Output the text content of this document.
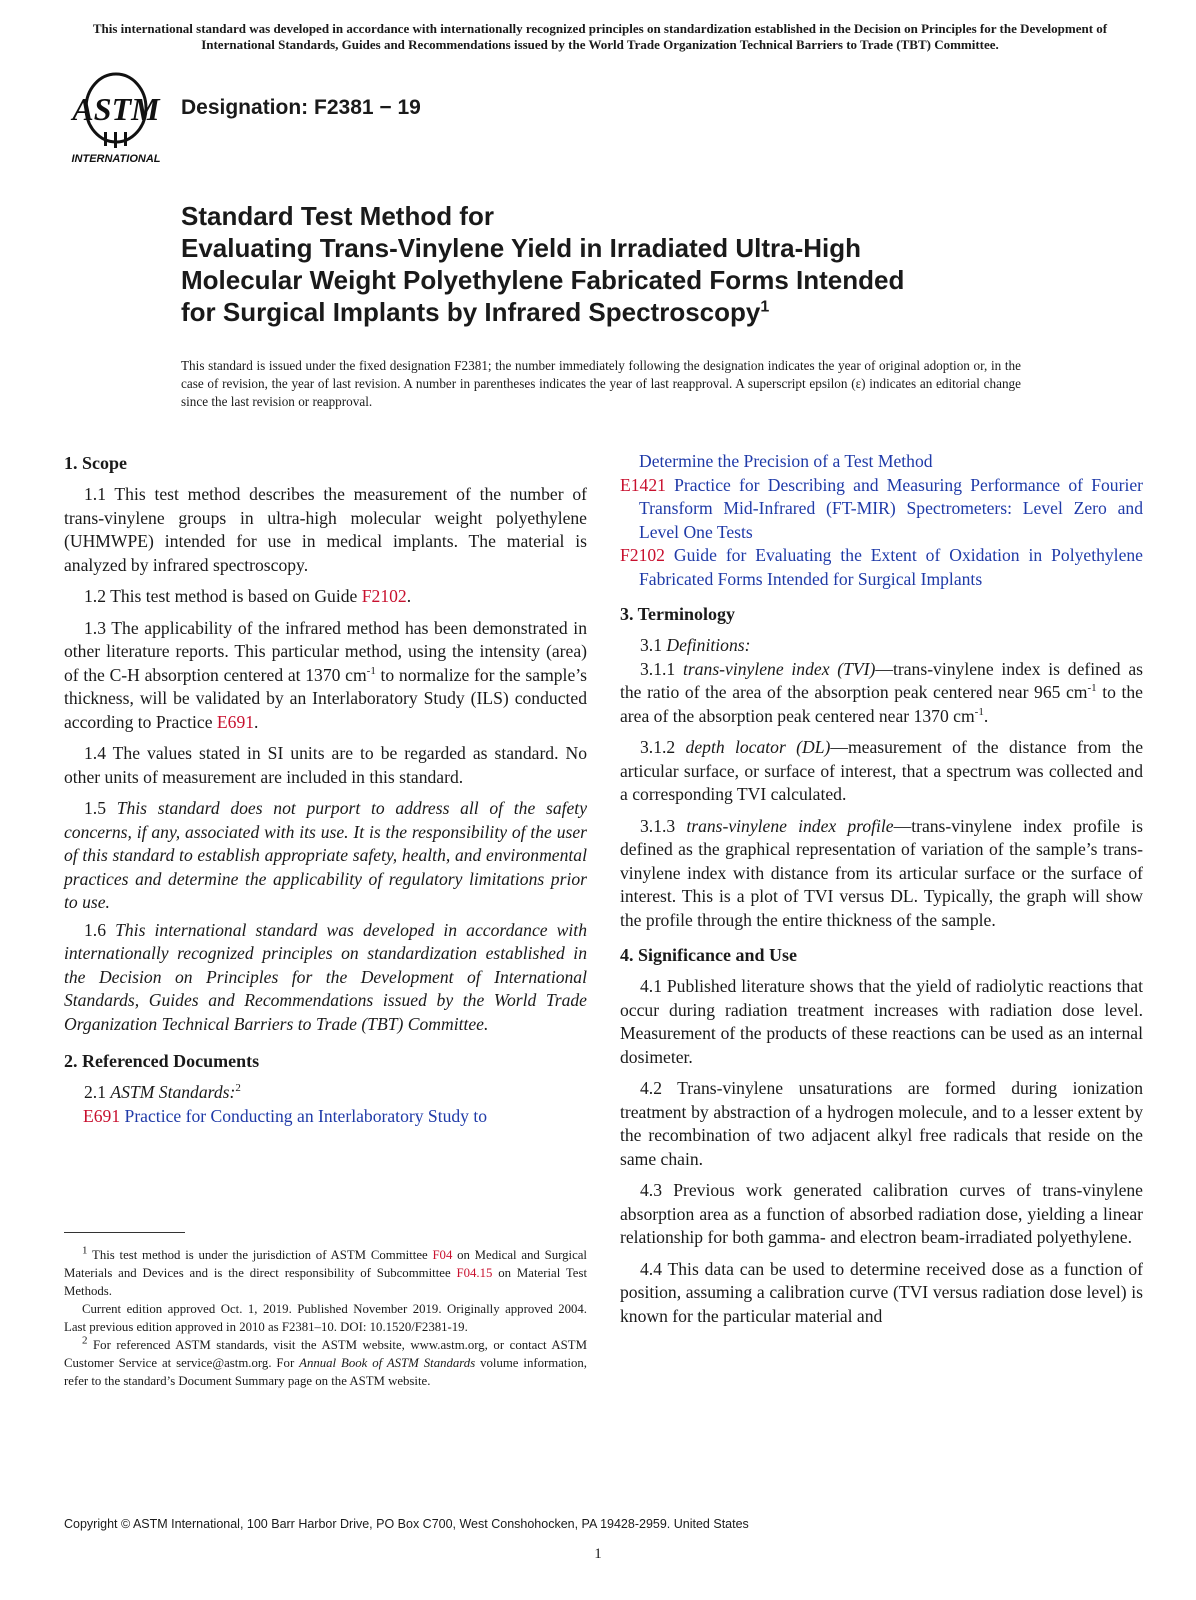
This international standard was developed in accordance with internationally recognized principles on standardization established in the Decision on Principles for the Development of International Standards, Guides and Recommendations issued by the World Trade Organization Technical Barriers to Trade (TBT) Committee.
ASTM
INTERNATIONAL
Designation: F2381 − 19
Standard Test Method for
Evaluating Trans-Vinylene Yield in Irradiated Ultra-High
Molecular Weight Polyethylene Fabricated Forms Intended
for Surgical Implants by Infrared Spectroscopy$^1$
This standard is issued under the fixed designation F2381; the number immediately following the designation indicates the year of original adoption or, in the case of revision, the year of last revision. A number in parentheses indicates the year of last reapproval. A superscript epsilon (ε) indicates an editorial change since the last revision or reapproval.
1. Scope

1.1 This test method describes the measurement of the number of trans-vinylene groups in ultra-high molecular weight polyethylene (UHMWPE) intended for use in medical implants. The material is analyzed by infrared spectroscopy.

1.2 This test method is based on Guide F2102.

1.3 The applicability of the infrared method has been demonstrated in other literature reports. This particular method, using the intensity (area) of the C-H absorption centered at 1370 $cm^{-1}$ to normalize for the sample’s thickness, will be validated by an Interlaboratory Study (ILS) conducted according to Practice E691.

1.4 The values stated in SI units are to be regarded as standard. No other units of measurement are included in this standard.

1.5 This standard does not purport to address all of the safety concerns, if any, associated with its use. It is the responsibility of the user of this standard to establish appropriate safety, health, and environmental practices and determine the applicability of regulatory limitations prior to use.

1.6 This international standard was developed in accordance with internationally recognized principles on standardization established in the Decision on Principles for the Development of International Standards, Guides and Recommendations issued by the World Trade Organization Technical Barriers to Trade (TBT) Committee.

2. Referenced Documents

2.1 ASTM Standards:$^2$

E691 Practice for Conducting an Interlaboratory Study to

$^1$ This test method is under the jurisdiction of ASTM Committee F04 on Medical and Surgical Materials and Devices and is the direct responsibility of Subcommittee F04.15 on Material Test Methods.

Current edition approved Oct. 1, 2019. Published November 2019. Originally approved 2004. Last previous edition approved in 2010 as F2381–10. DOI: 10.1520/F2381-19.

$^2$ For referenced ASTM standards, visit the ASTM website, www.astm.org, or contact ASTM Customer Service at service@astm.org. For Annual Book of ASTM Standards volume information, refer to the standard’s Document Summary page on the ASTM website.

Determine the Precision of a Test Method

E1421 Practice for Describing and Measuring Performance of Fourier Transform Mid-Infrared (FT-MIR) Spectrometers: Level Zero and Level One Tests

F2102 Guide for Evaluating the Extent of Oxidation in Polyethylene Fabricated Forms Intended for Surgical Implants

3. Terminology

3.1 Definitions:

3.1.1 trans-vinylene index (TVI)—trans-vinylene index is defined as the ratio of the area of the absorption peak centered near 965 $cm^{-1}$ to the area of the absorption peak centered near 1370 $cm^{-1}$.

3.1.2 depth locator (DL)—measurement of the distance from the articular surface, or surface of interest, that a spectrum was collected and a corresponding TVI calculated.

3.1.3 trans-vinylene index profile—trans-vinylene index profile is defined as the graphical representation of variation of the sample’s trans-vinylene index with distance from its articular surface or the surface of interest. This is a plot of TVI versus DL. Typically, the graph will show the profile through the entire thickness of the sample.

4. Significance and Use

4.1 Published literature shows that the yield of radiolytic reactions that occur during radiation treatment increases with radiation dose level. Measurement of the products of these reactions can be used as an internal dosimeter.

4.2 Trans-vinylene unsaturations are formed during ionization treatment by abstraction of a hydrogen molecule, and to a lesser extent by the recombination of two adjacent alkyl free radicals that reside on the same chain.

4.3 Previous work generated calibration curves of trans-vinylene absorption area as a function of absorbed radiation dose, yielding a linear relationship for both gamma- and electron beam-irradiated polyethylene.

4.4 This data can be used to determine received dose as a function of position, assuming a calibration curve (TVI versus radiation dose level) is known for the particular material and

Copyright © ASTM International, 100 Barr Harbor Drive, PO Box C700, West Conshohocken, PA 19428-2959. United States
1
